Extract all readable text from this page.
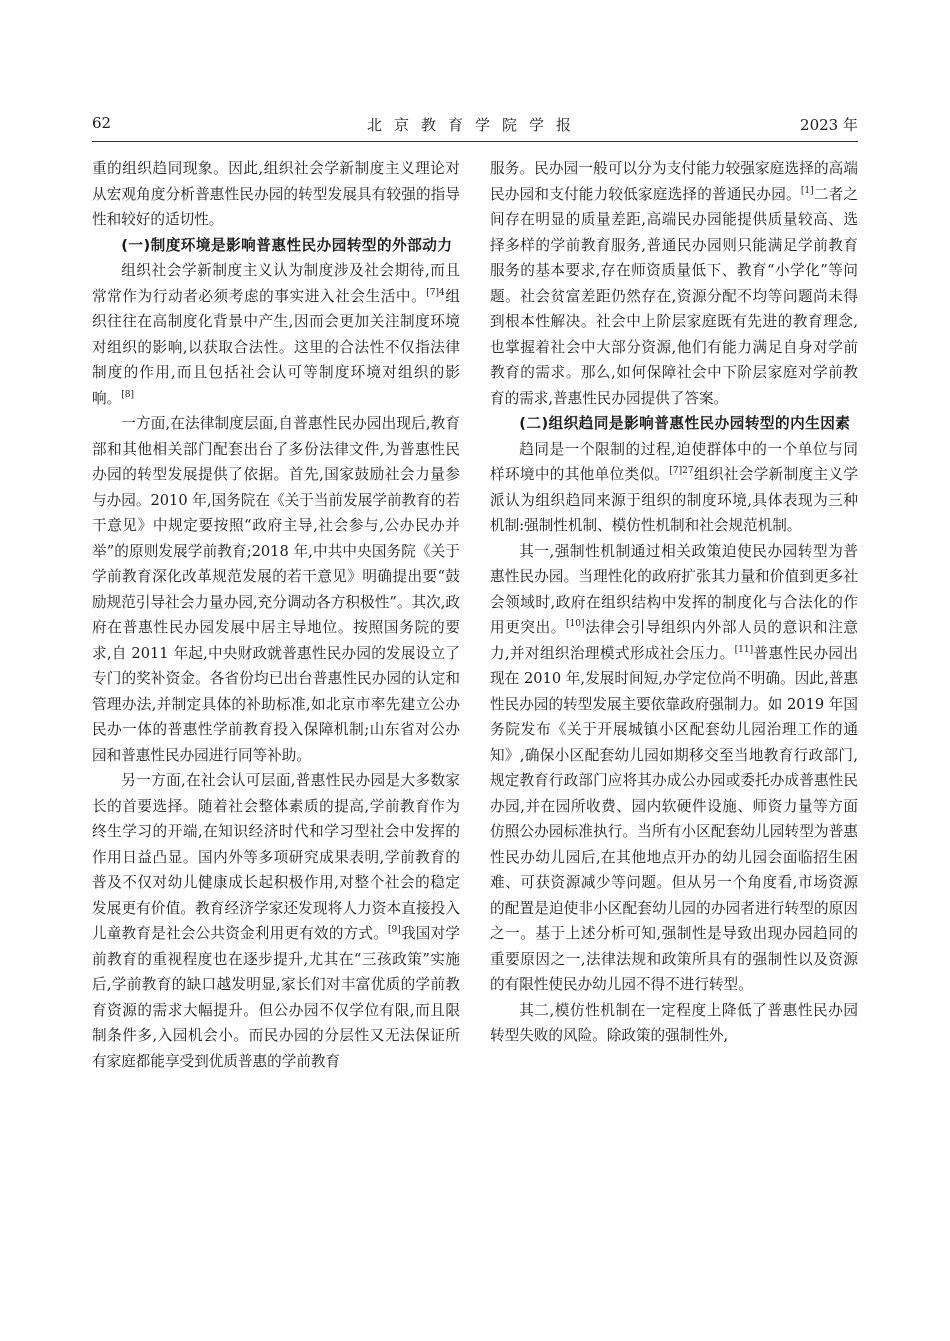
62	北京教育学院学报	2023 年

重的组织趋同现象。因此,组织社会学新制度主义理论对从宏观角度分析普惠性民办园的转型发展具有较强的指导性和较好的适切性。

(一)制度环境是影响普惠性民办园转型的外部动力

组织社会学新制度主义认为制度涉及社会期待,而且常常作为行动者必须考虑的事实进入社会生活中。$^{[7]4}$组织往往在高制度化背景中产生,因而会更加关注制度环境对组织的影响,以获取合法性。这里的合法性不仅指法律制度的作用,而且包括社会认可等制度环境对组织的影响。[8]

一方面,在法律制度层面,自普惠性民办园出现后,教育部和其他相关部门配套出台了多份法律文件,为普惠性民办园的转型发展提供了依据。首先,国家鼓励社会力量参与办园。2010 年,国务院在《关于当前发展学前教育的若干意见》中规定要按照“政府主导,社会参与,公办民办并举”的原则发展学前教育;2018 年,中共中央国务院《关于学前教育深化改革规范发展的若干意见》明确提出要“鼓励规范引导社会力量办园,充分调动各方积极性”。其次,政府在普惠性民办园发展中居主导地位。按照国务院的要求,自 2011 年起,中央财政就普惠性民办园的发展设立了专门的奖补资金。各省份均已出台普惠性民办园的认定和管理办法,并制定具体的补助标准,如北京市率先建立公办民办一体的普惠性学前教育投入保障机制;山东省对公办园和普惠性民办园进行同等补助。

另一方面,在社会认可层面,普惠性民办园是大多数家长的首要选择。随着社会整体素质的提高,学前教育作为终生学习的开端,在知识经济时代和学习型社会中发挥的作用日益凸显。国内外等多项研究成果表明,学前教育的普及不仅对幼儿健康成长起积极作用,对整个社会的稳定发展更有价值。教育经济学家还发现将人力资本直接投入儿童教育是社会公共资金利用更有效的方式。[9]我国对学前教育的重视程度也在逐步提升,尤其在“三孩政策”实施后,学前教育的缺口越发明显,家长们对丰富优质的学前教育资源的需求大幅提升。但公办园不仅学位有限,而且限制条件多,入园机会小。而民办园的分层性又无法保证所有家庭都能享受到优质普惠的学前教育

服务。民办园一般可以分为支付能力较强家庭选择的高端民办园和支付能力较低家庭选择的普通民办园。[1]二者之间存在明显的质量差距,高端民办园能提供质量较高、选择多样的学前教育服务,普通民办园则只能满足学前教育服务的基本要求,存在师资质量低下、教育“小学化”等问题。社会贫富差距仍然存在,资源分配不均等问题尚未得到根本性解决。社会中上阶层家庭既有先进的教育理念,也掌握着社会中大部分资源,他们有能力满足自身对学前教育的需求。那么,如何保障社会中下阶层家庭对学前教育的需求,普惠性民办园提供了答案。

(二)组织趋同是影响普惠性民办园转型的内生因素

趋同是一个限制的过程,迫使群体中的一个单位与同样环境中的其他单位类似。$^{[7]27}$组织社会学新制度主义学派认为组织趋同来源于组织的制度环境,具体表现为三种机制:强制性机制、模仿性机制和社会规范机制。

其一,强制性机制通过相关政策迫使民办园转型为普惠性民办园。当理性化的政府扩张其力量和价值到更多社会领域时,政府在组织结构中发挥的制度化与合法化的作用更突出。[10]法律会引导组织内外部人员的意识和注意力,并对组织治理模式形成社会压力。[11]普惠性民办园出现在 2010 年,发展时间短,办学定位尚不明确。因此,普惠性民办园的转型发展主要依靠政府强制力。如 2019 年国务院发布《关于开展城镇小区配套幼儿园治理工作的通知》,确保小区配套幼儿园如期移交至当地教育行政部门,规定教育行政部门应将其办成公办园或委托办成普惠性民办园,并在园所收费、园内软硬件设施、师资力量等方面仿照公办园标准执行。当所有小区配套幼儿园转型为普惠性民办幼儿园后,在其他地点开办的幼儿园会面临招生困难、可获资源减少等问题。但从另一个角度看,市场资源的配置是迫使非小区配套幼儿园的办园者进行转型的原因之一。基于上述分析可知,强制性是导致出现办园趋同的重要原因之一,法律法规和政策所具有的强制性以及资源的有限性使民办幼儿园不得不进行转型。

其二,模仿性机制在一定程度上降低了普惠性民办园转型失败的风险。除政策的强制性外,
